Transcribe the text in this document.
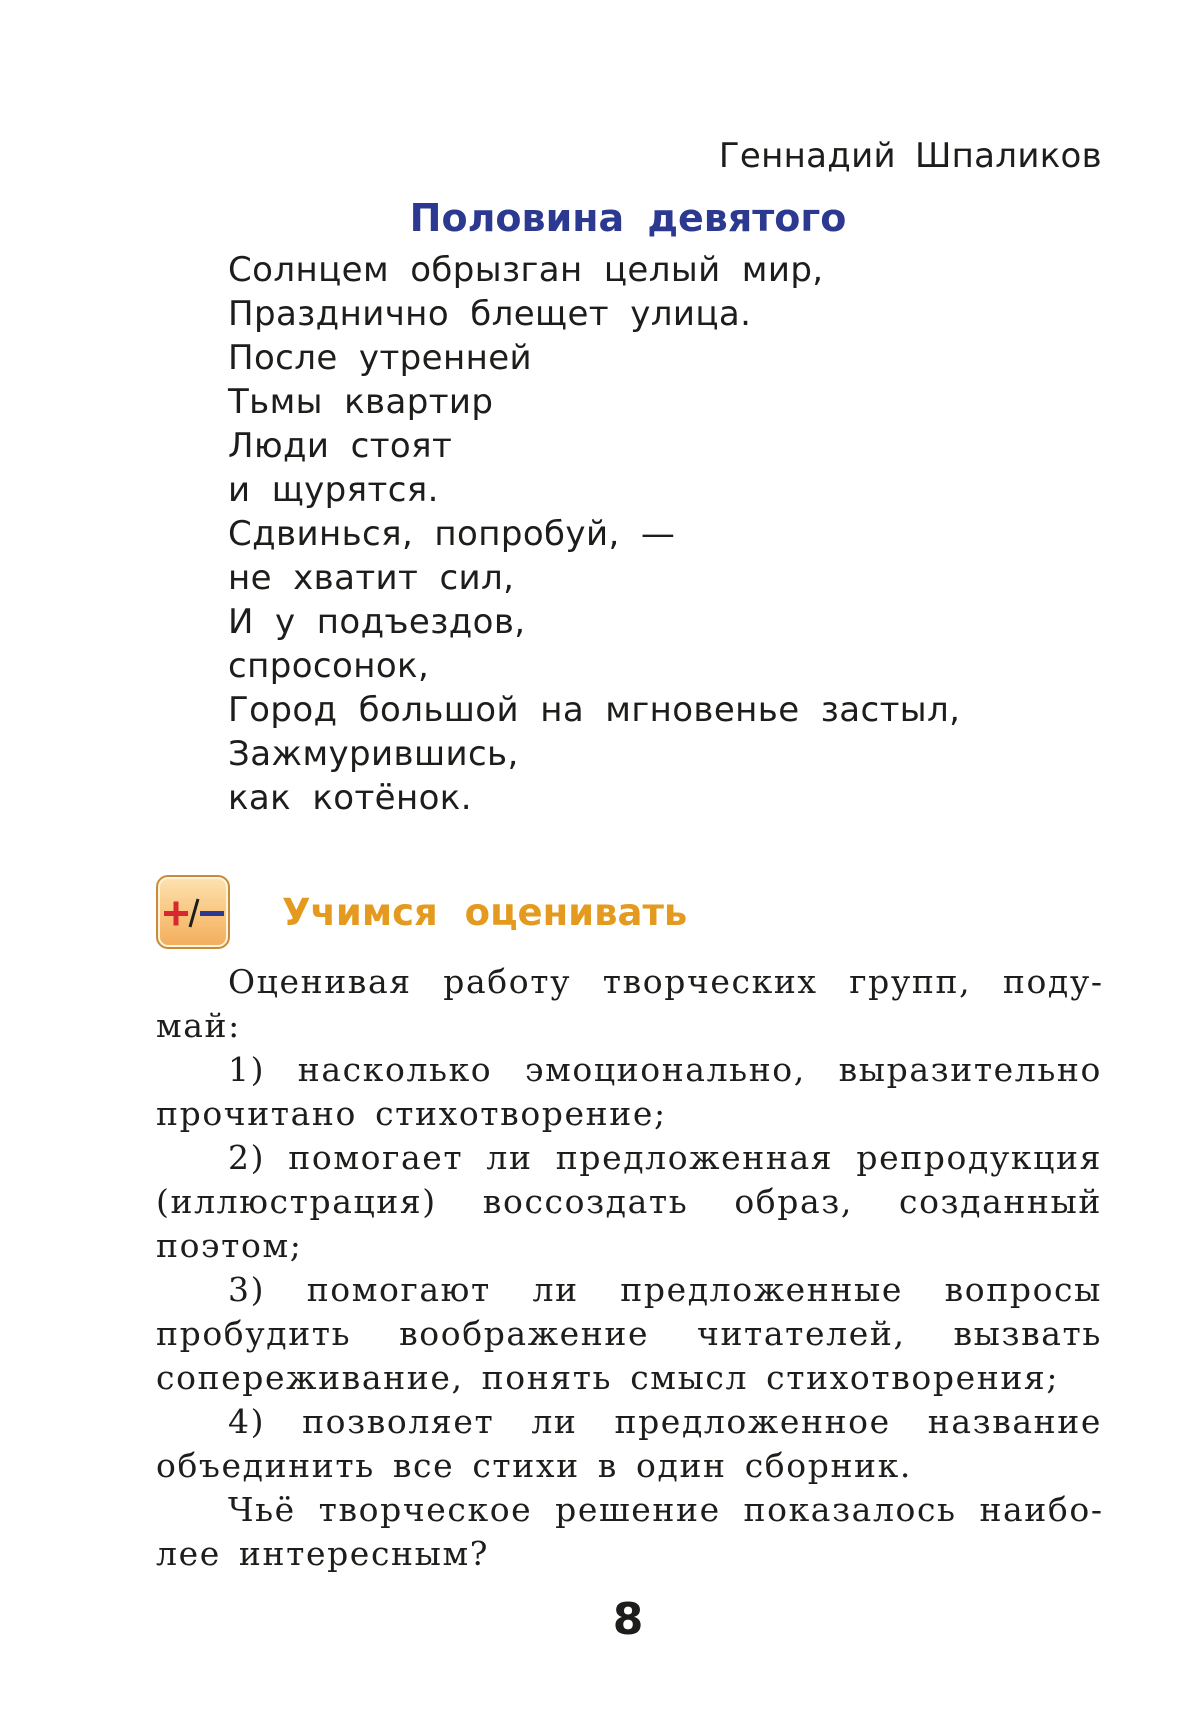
Геннадий Шпаликов

Половина девятого
Солнцем обрызган целый мир,
Празднично блещет улица.
После утренней
Тьмы квартир
Люди стоят
и щурятся.
Сдвинься, попробуй, —
не хватит сил,
И у подъездов,
спросонок,
Город большой на мгновенье застыл,
Зажмурившись,
как котёнок.
Учимся оценивать

Оценивая работу творческих групп, подумай:

1) насколько эмоционально, выразительно прочитано стихотворение;

2) помогает ли предложенная репродукция (иллюстрация) воссоздать образ, созданный поэтом;

3) помогают ли предложенные вопросы пробудить воображение читателей, вызвать сопереживание, понять смысл стихотворения;

4) позволяет ли предложенное название объединить все стихи в один сборник.

Чьё творческое решение показалось наиболее интересным?

8
